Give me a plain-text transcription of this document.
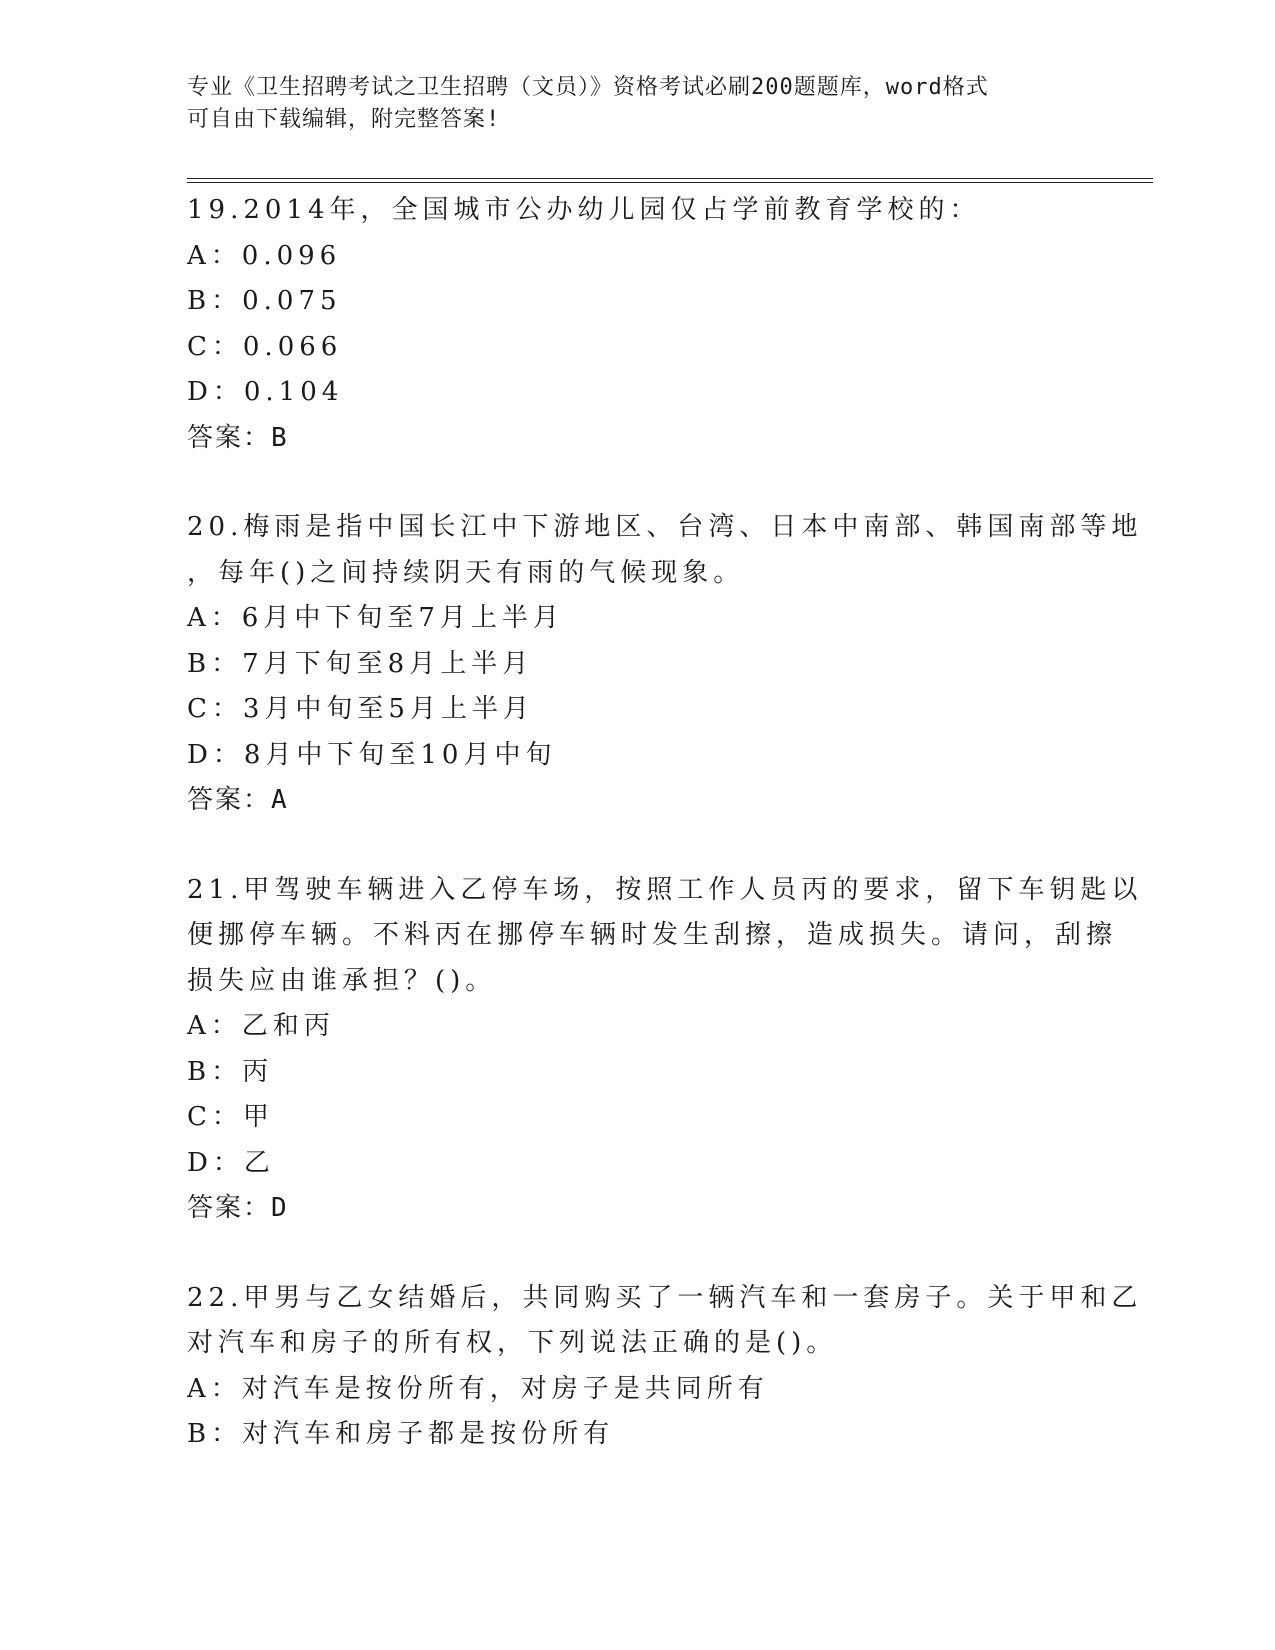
专业《卫生招聘考试之卫生招聘（文员）》资格考试必刷200题题库，word格式
可自由下载编辑，附完整答案!
19.2014年，全国城市公办幼儿园仅占学前教育学校的：
A：0.096
B：0.075
C：0.066
D：0.104
答案：B
20.梅雨是指中国长江中下游地区、台湾、日本中南部、韩国南部等地
，每年()之间持续阴天有雨的气候现象。
A：6月中下旬至7月上半月
B：7月下旬至8月上半月
C：3月中旬至5月上半月
D：8月中下旬至10月中旬
答案：A
21.甲驾驶车辆进入乙停车场，按照工作人员丙的要求，留下车钥匙以
便挪停车辆。不料丙在挪停车辆时发生刮擦，造成损失。请问，刮擦
损失应由谁承担？()。
A：乙和丙
B：丙
C：甲
D：乙
答案：D
22.甲男与乙女结婚后，共同购买了一辆汽车和一套房子。关于甲和乙
对汽车和房子的所有权，下列说法正确的是()。
A：对汽车是按份所有，对房子是共同所有
B：对汽车和房子都是按份所有
